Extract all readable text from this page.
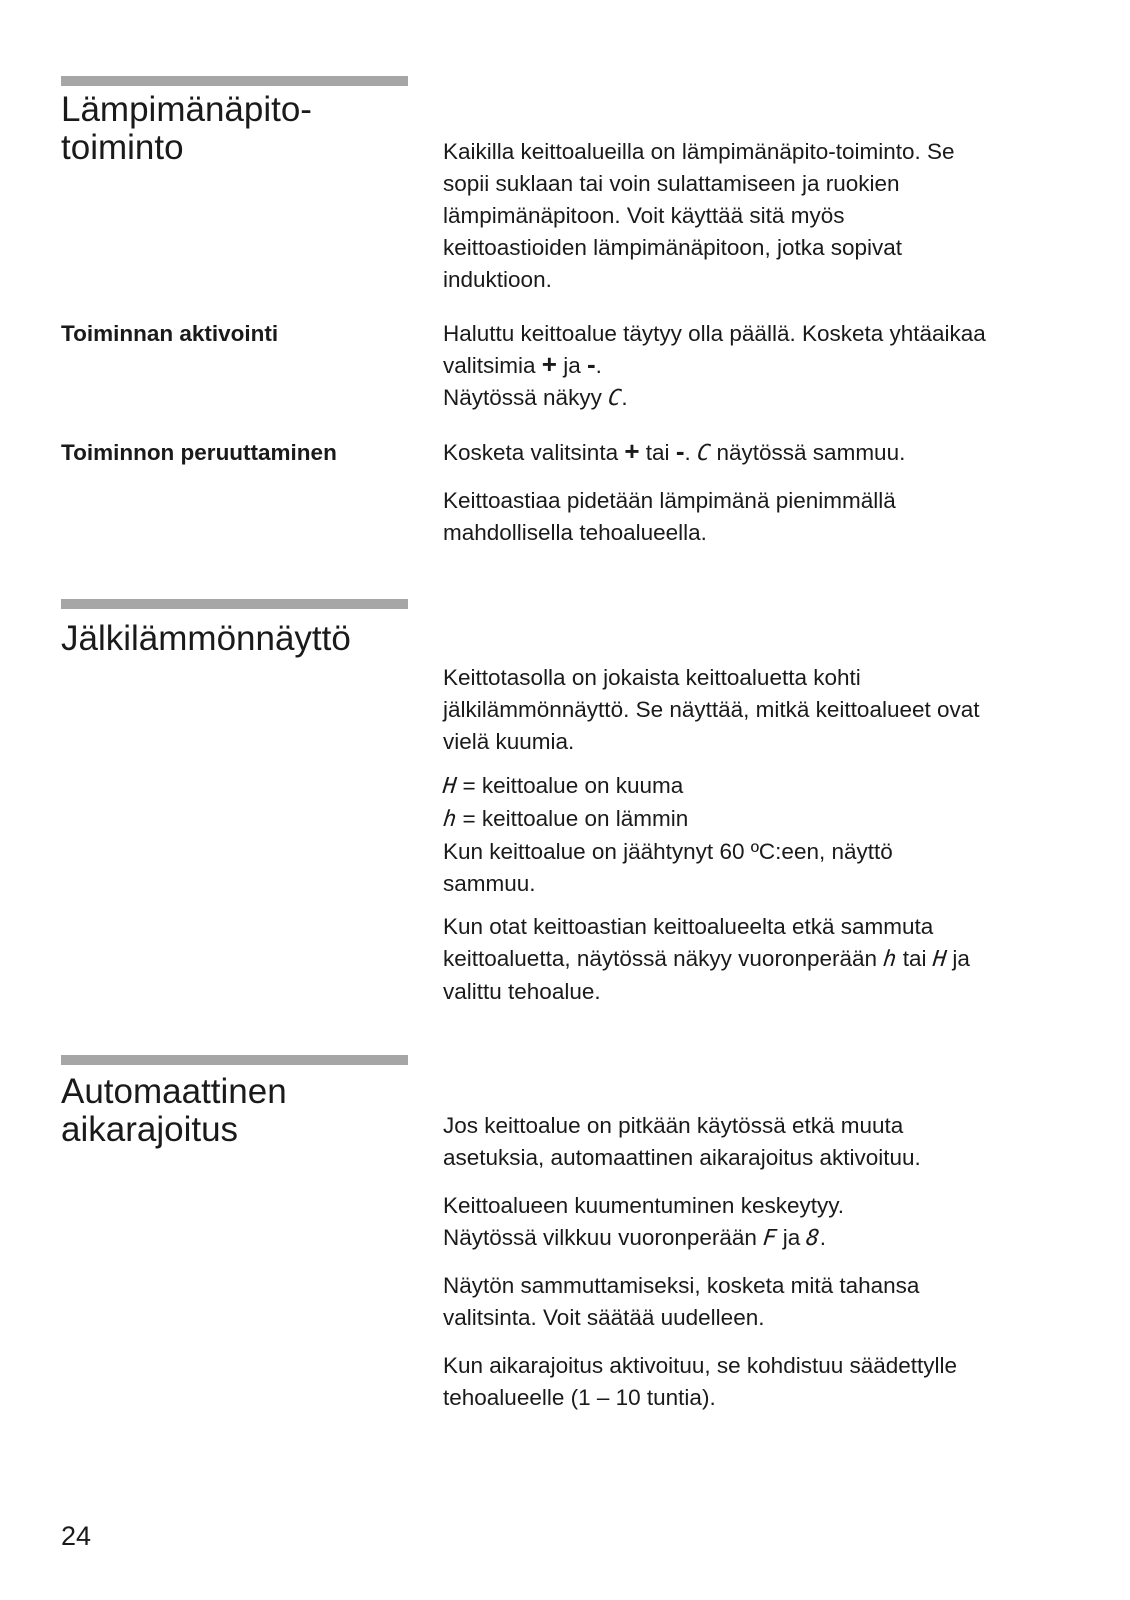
Lämpimänäpito-
toiminto	Kaikilla keittoalueilla on lämpimänäpito-toiminto. Se
sopii suklaan tai voin sulattamiseen ja ruokien
lämpimänäpitoon. Voit käyttää sitä myös
keittoastioiden lämpimänäpitoon, jotka sopivat
induktioon.
Toiminnan aktivointi	Haluttu keittoalue täytyy olla päällä. Kosketa yhtäaikaa
valitsimia + ja -.
Näytössä näkyy C.
Toiminnon peruuttaminen	Kosketa valitsinta + tai -. C näytössä sammuu.
Keittoastiaa pidetään lämpimänä pienimmällä
mahdollisella tehoalueella.
Jälkilämmönnäyttö
Keittotasolla on jokaista keittoaluetta kohti
jälkilämmönnäyttö. Se näyttää, mitkä keittoalueet ovat
vielä kuumia.
H = keittoalue on kuuma
h = keittoalue on lämmin
Kun keittoalue on jäähtynyt 60 ºC:een, näyttö
sammuu.
Kun otat keittoastian keittoalueelta etkä sammuta
keittoaluetta, näytössä näkyy vuoronperään h tai H ja
valittu tehoalue.
Automaattinen
aikarajoitus	Jos keittoalue on pitkään käytössä etkä muuta
asetuksia, automaattinen aikarajoitus aktivoituu.
Keittoalueen kuumentuminen keskeytyy.
Näytössä vilkkuu vuoronperään F ja 8.
Näytön sammuttamiseksi, kosketa mitä tahansa
valitsinta. Voit säätää uudelleen.
Kun aikarajoitus aktivoituu, se kohdistuu säädettylle
tehoalueelle (1 – 10 tuntia).
24
